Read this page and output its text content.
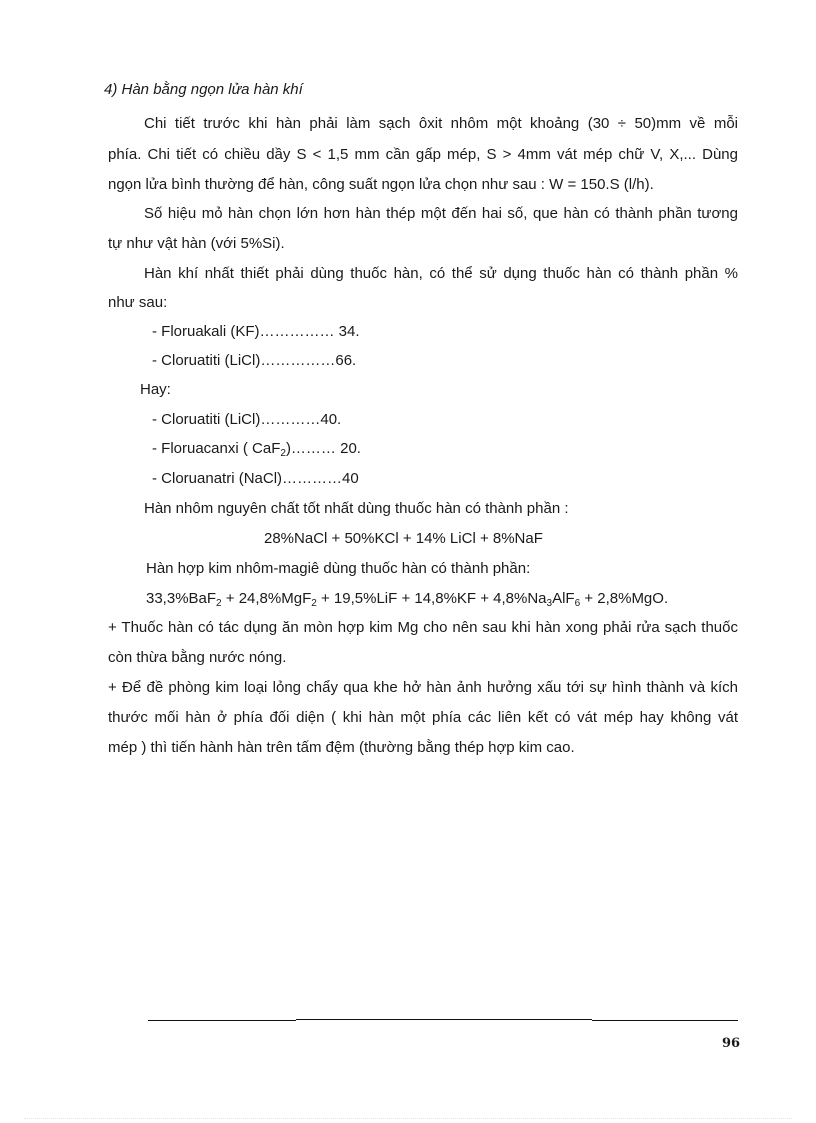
4) Hàn bằng ngọn lửa hàn khí
Chi tiết trước khi hàn phải làm sạch ôxit nhôm một khoảng (30 ÷ 50)mm về mỗi
phía. Chi tiết có chiều dầy S < 1,5 mm cần gấp mép, S > 4mm vát mép chữ V, X,... Dùng
ngọn lửa bình thường để hàn, công suất ngọn lửa chọn như sau : W = 150.S (l/h).
Số hiệu mỏ hàn chọn lớn hơn hàn thép một đến hai số, que hàn có thành phần tương
tự như vật hàn (với 5%Si).
Hàn khí nhất thiết phải dùng thuốc hàn, có thể sử dụng thuốc hàn có thành phần %
như sau:
- Floruakali (KF)…………… 34.
- Cloruatiti (LiCl)……………66.
Hay:
- Cloruatiti (LiCl)…………40.
- Floruacanxi ( CaF$_2$)……… 20.
- Cloruanatri (NaCl)…………40
Hàn nhôm nguyên chất tốt nhất dùng thuốc hàn có thành phần :
28%NaCl + 50%KCl + 14% LiCl + 8%NaF
Hàn hợp kim nhôm-magiê dùng thuốc hàn có thành phần:
$33,3\%BaF_2 + 24,8\%MgF_2 + 19,5\%LiF + 14,8\%KF + 4,8\%Na_3AlF_6 + 2,8\%MgO$.
+ Thuốc hàn có tác dụng ăn mòn hợp kim Mg cho nên sau khi hàn xong phải rửa sạch thuốc
còn thừa bằng nước nóng.
+ Để đề phòng kim loại lỏng chẩy qua khe hở hàn ảnh hưởng xấu tới sự hình thành và kích
thước mối hàn ở phía đối diện ( khi hàn một phía các liên kết có vát mép hay không vát
mép ) thì tiến hành hàn trên tấm đệm (thường bằng thép hợp kim cao.
96
